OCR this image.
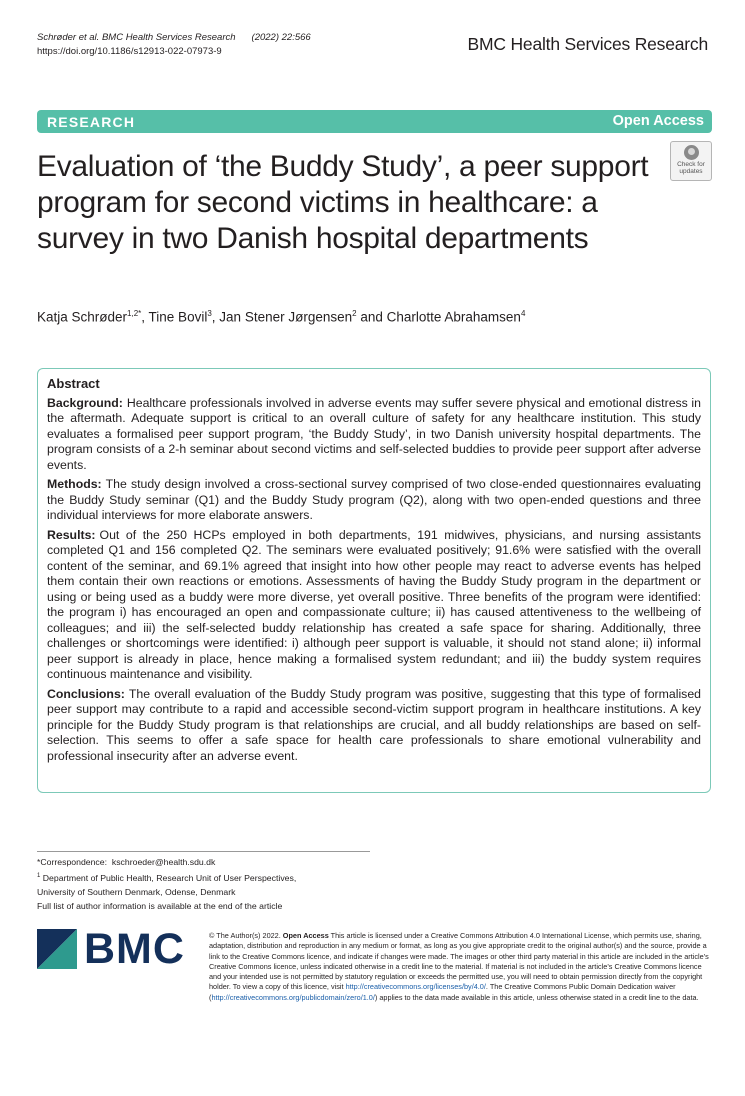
Schrøder et al. BMC Health Services Research (2022) 22:566
https://doi.org/10.1186/s12913-022-07973-9	BMC Health Services Research
RESEARCH	Open Access
Check for
updates
Evaluation of ‘the Buddy Study’, a peer support program for second victims in healthcare: a survey in two Danish hospital departments
Katja Schrøder$^{1,2*}$, Tine Bovil$^3$, Jan Stener Jørgensen$^2$ and Charlotte Abrahamsen$^4$
Abstract

Background: Healthcare professionals involved in adverse events may suffer severe physical and emotional distress in the aftermath. Adequate support is critical to an overall culture of safety for any healthcare institution. This study evaluates a formalised peer support program, ‘the Buddy Study’, in two Danish university hospital departments. The program consists of a 2-h seminar about second victims and self-selected buddies to provide peer support after adverse events.

Methods: The study design involved a cross-sectional survey comprised of two close-ended questionnaires evaluating the Buddy Study seminar (Q1) and the Buddy Study program (Q2), along with two open-ended questions and three individual interviews for more elaborate answers.

Results: Out of the 250 HCPs employed in both departments, 191 midwives, physicians, and nursing assistants completed Q1 and 156 completed Q2. The seminars were evaluated positively; 91.6% were satisfied with the overall content of the seminar, and 69.1% agreed that insight into how other people may react to adverse events has helped them contain their own reactions or emotions. Assessments of having the Buddy Study program in the department or using or being used as a buddy were more diverse, yet overall positive. Three benefits of the program were identified: the program i) has encouraged an open and compassionate culture; ii) has caused attentiveness to the wellbeing of colleagues; and iii) the self-selected buddy relationship has created a safe space for sharing. Additionally, three challenges or shortcomings were identified: i) although peer support is valuable, it should not stand alone; ii) informal peer support is already in place, hence making a formalised system redundant; and iii) the buddy system requires continuous maintenance and visibility.

Conclusions: The overall evaluation of the Buddy Study program was positive, suggesting that this type of formalised peer support may contribute to a rapid and accessible second-victim support program in healthcare institutions. A key principle for the Buddy Study program is that relationships are crucial, and all buddy relationships are based on self-selection. This seems to offer a safe space for health care professionals to share emotional vulnerability and professional insecurity after an adverse event.

*Correspondence: kschroeder@health.sdu.dk
$^1$ Department of Public Health, Research Unit of User Perspectives,
University of Southern Denmark, Odense, Denmark
Full list of author information is available at the end of the article
BMC	© The Author(s) 2022. Open Access This article is licensed under a Creative Commons Attribution 4.0 International License, which permits use, sharing, adaptation, distribution and reproduction in any medium or format, as long as you give appropriate credit to the original author(s) and the source, provide a link to the Creative Commons licence, and indicate if changes were made. The images or other third party material in this article are included in the article’s Creative Commons licence, unless indicated otherwise in a credit line to the material. If material is not included in the article’s Creative Commons licence and your intended use is not permitted by statutory regulation or exceeds the permitted use, you will need to obtain permission directly from the copyright holder. To view a copy of this licence, visit http://creativecommons.org/licenses/by/4.0/. The Creative Commons Public Domain Dedication waiver (http://creativecommons.org/publicdomain/zero/1.0/) applies to the data made available in this article, unless otherwise stated in a credit line to the data.
